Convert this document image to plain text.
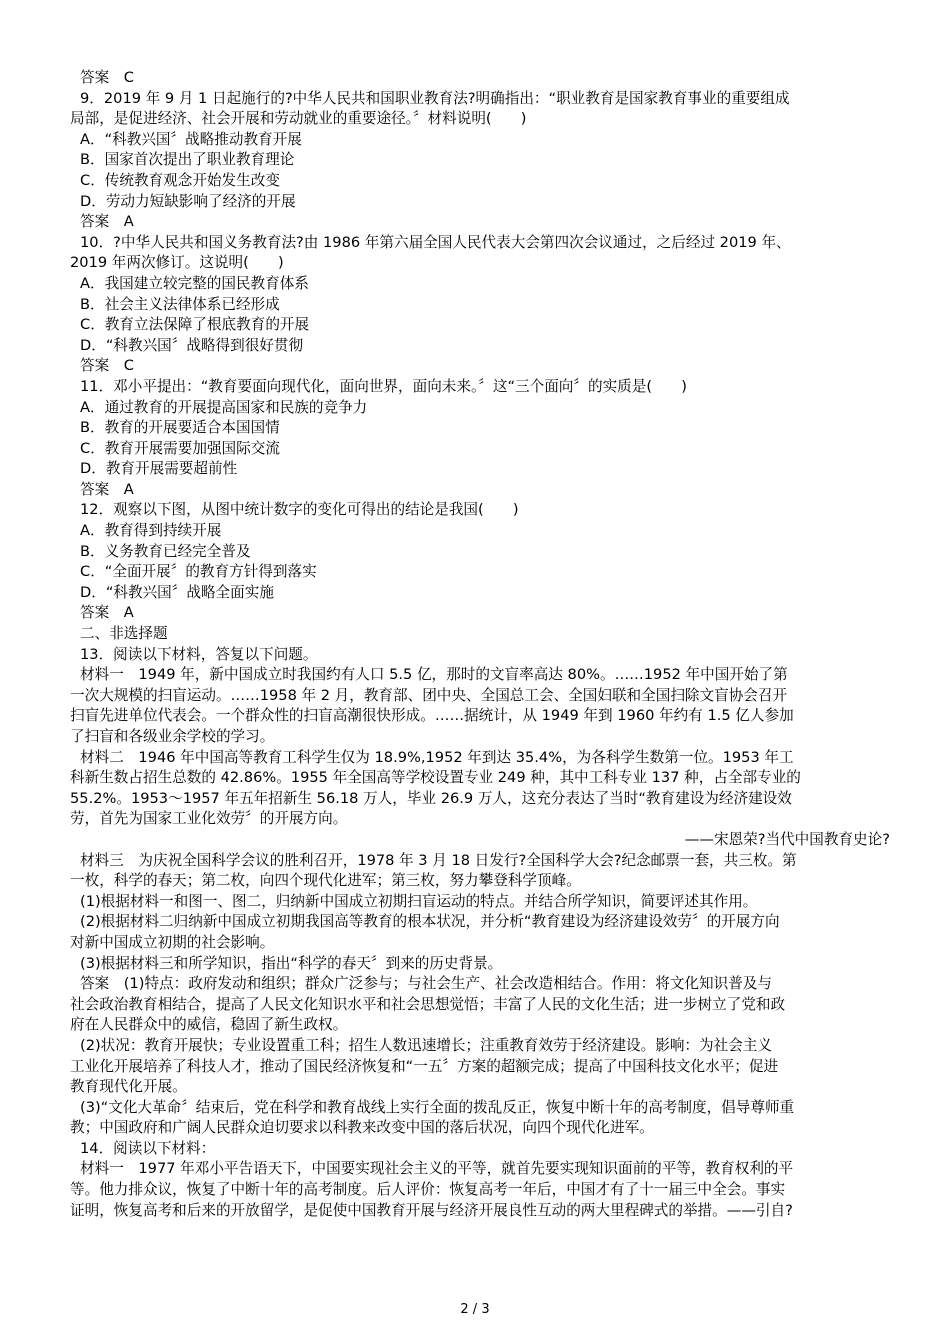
答案　C
9．2019 年 9 月 1 日起施行的?中华人民共和国职业教育法?明确指出：“职业教育是国家教育事业的重要组成
局部，是促进经济、社会开展和劳动就业的重要途径。〞材料说明(　　)
A．“科教兴国〞战略推动教育开展
B．国家首次提出了职业教育理论
C．传统教育观念开始发生改变
D．劳动力短缺影响了经济的开展
答案　A
10．?中华人民共和国义务教育法?由 1986 年第六届全国人民代表大会第四次会议通过，之后经过 2019 年、
2019 年两次修订。这说明(　　)
A．我国建立较完整的国民教育体系
B．社会主义法律体系已经形成
C．教育立法保障了根底教育的开展
D．“科教兴国〞战略得到很好贯彻
答案　C
11．邓小平提出：“教育要面向现代化，面向世界，面向未来。〞这“三个面向〞的实质是(　　)
A．通过教育的开展提高国家和民族的竞争力
B．教育的开展要适合本国国情
C．教育开展需要加强国际交流
D．教育开展需要超前性
答案　A
12．观察以下图，从图中统计数字的变化可得出的结论是我国(　　)
A．教育得到持续开展
B．义务教育已经完全普及
C．“全面开展〞的教育方针得到落实
D．“科教兴国〞战略全面实施
答案　A
二、非选择题
13．阅读以下材料，答复以下问题。
材料一　1949 年，新中国成立时我国约有人口 5.5 亿，那时的文盲率高达 80%。……1952 年中国开始了第
一次大规模的扫盲运动。……1958 年 2 月，教育部、团中央、全国总工会、全国妇联和全国扫除文盲协会召开
扫盲先进单位代表会。一个群众性的扫盲高潮很快形成。……据统计，从 1949 年到 1960 年约有 1.5 亿人参加
了扫盲和各级业余学校的学习。
材料二　1946 年中国高等教育工科学生仅为 18.9%,1952 年到达 35.4%，为各科学生数第一位。1953 年工
科新生数占招生总数的 42.86%。1955 年全国高等学校设置专业 249 种，其中工科专业 137 种，占全部专业的
55.2%。1953～1957 年五年招新生 56.18 万人，毕业 26.9 万人，这充分表达了当时“教育建设为经济建设效
劳，首先为国家工业化效劳〞的开展方向。
——宋恩荣?当代中国教育史论?
材料三　为庆祝全国科学会议的胜利召开，1978 年 3 月 18 日发行?全国科学大会?纪念邮票一套，共三枚。第
一枚，科学的春天；第二枚，向四个现代化进军；第三枚，努力攀登科学顶峰。
(1)根据材料一和图一、图二，归纳新中国成立初期扫盲运动的特点。并结合所学知识，简要评述其作用。
(2)根据材料二归纳新中国成立初期我国高等教育的根本状况，并分析“教育建设为经济建设效劳〞的开展方向
对新中国成立初期的社会影响。
(3)根据材料三和所学知识，指出“科学的春天〞到来的历史背景。
答案　(1)特点：政府发动和组织；群众广泛参与；与社会生产、社会改造相结合。作用：将文化知识普及与
社会政治教育相结合，提高了人民文化知识水平和社会思想觉悟；丰富了人民的文化生活；进一步树立了党和政
府在人民群众中的威信，稳固了新生政权。
(2)状况：教育开展快；专业设置重工科；招生人数迅速增长；注重教育效劳于经济建设。影响：为社会主义
工业化开展培养了科技人才，推动了国民经济恢复和“一五〞方案的超额完成；提高了中国科技文化水平；促进
教育现代化开展。
(3)“文化大革命〞结束后，党在科学和教育战线上实行全面的拨乱反正，恢复中断十年的高考制度，倡导尊师重
教；中国政府和广阔人民群众迫切要求以科教来改变中国的落后状况，向四个现代化进军。
14．阅读以下材料：
材料一　1977 年邓小平告语天下，中国要实现社会主义的平等，就首先要实现知识面前的平等，教育权利的平
等。他力排众议，恢复了中断十年的高考制度。后人评价：恢复高考一年后，中国才有了十一届三中全会。事实
证明，恢复高考和后来的开放留学，是促使中国教育开展与经济开展良性互动的两大里程碑式的举措。——引自?
2 / 3
